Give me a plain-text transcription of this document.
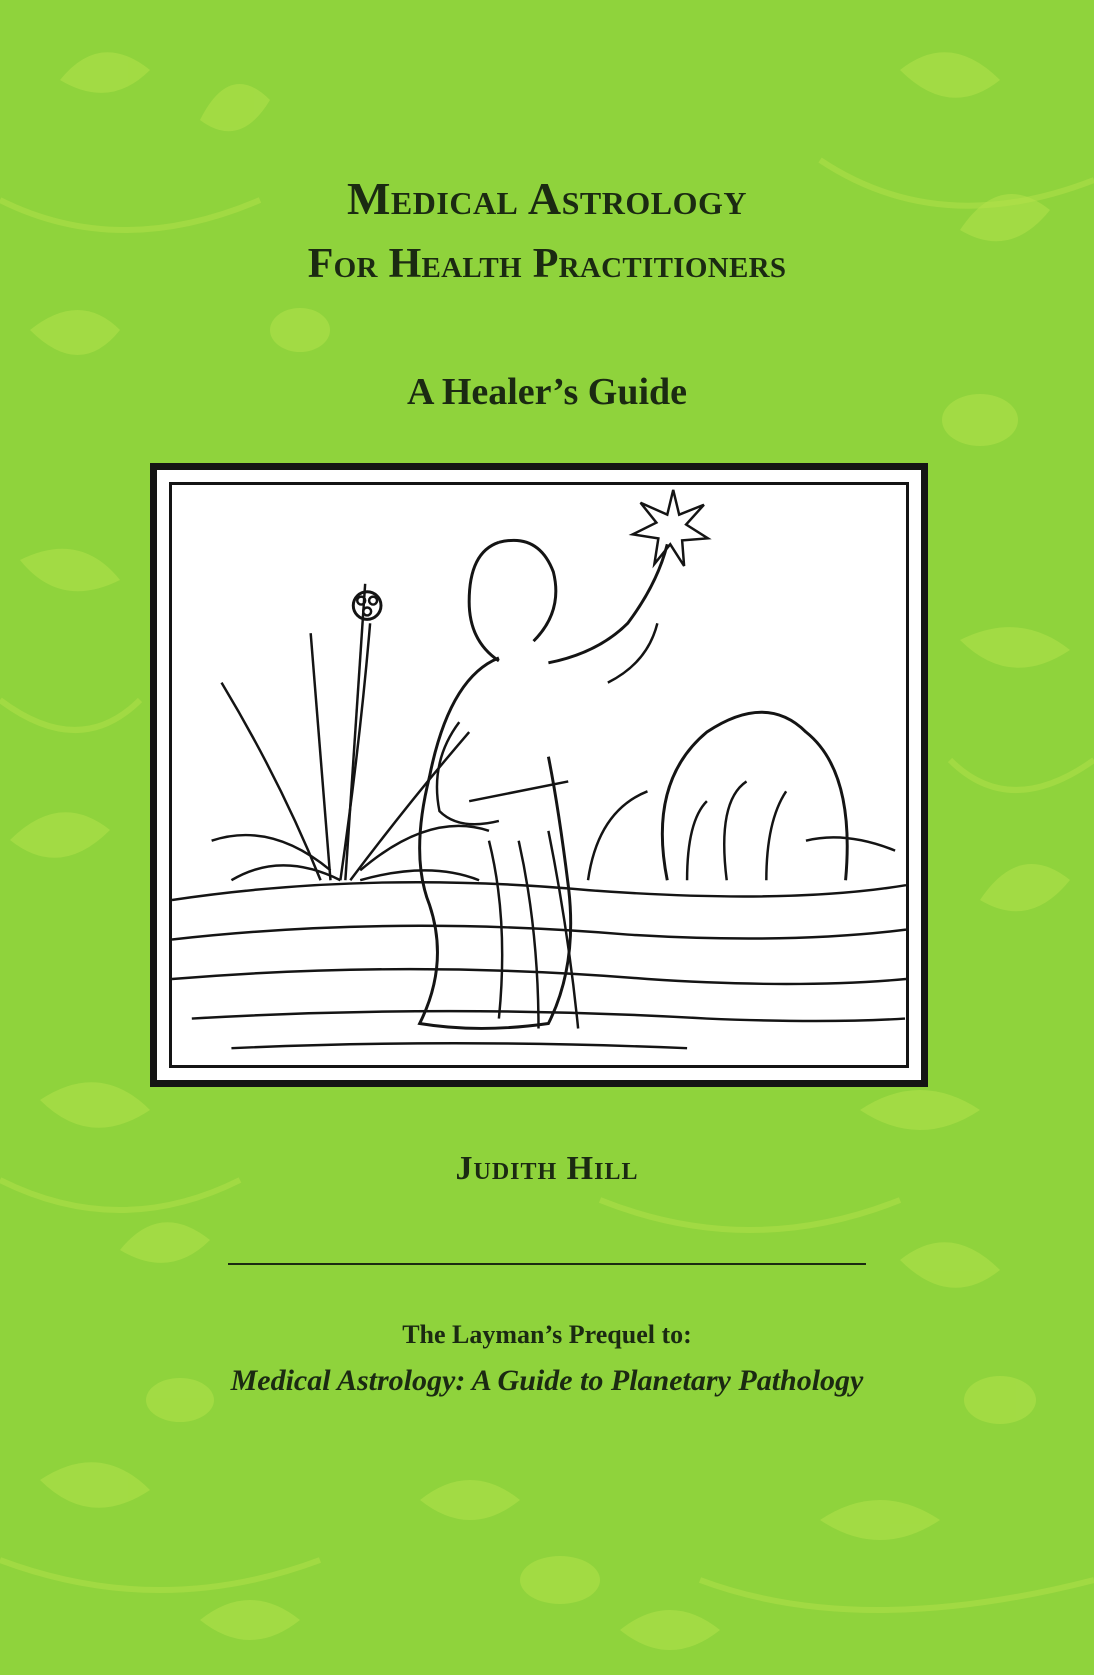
Medical Astrology
For Health Practitioners
A Healer’s Guide
Judith Hill
The Layman’s Prequel to:
Medical Astrology: A Guide to Planetary Pathology
